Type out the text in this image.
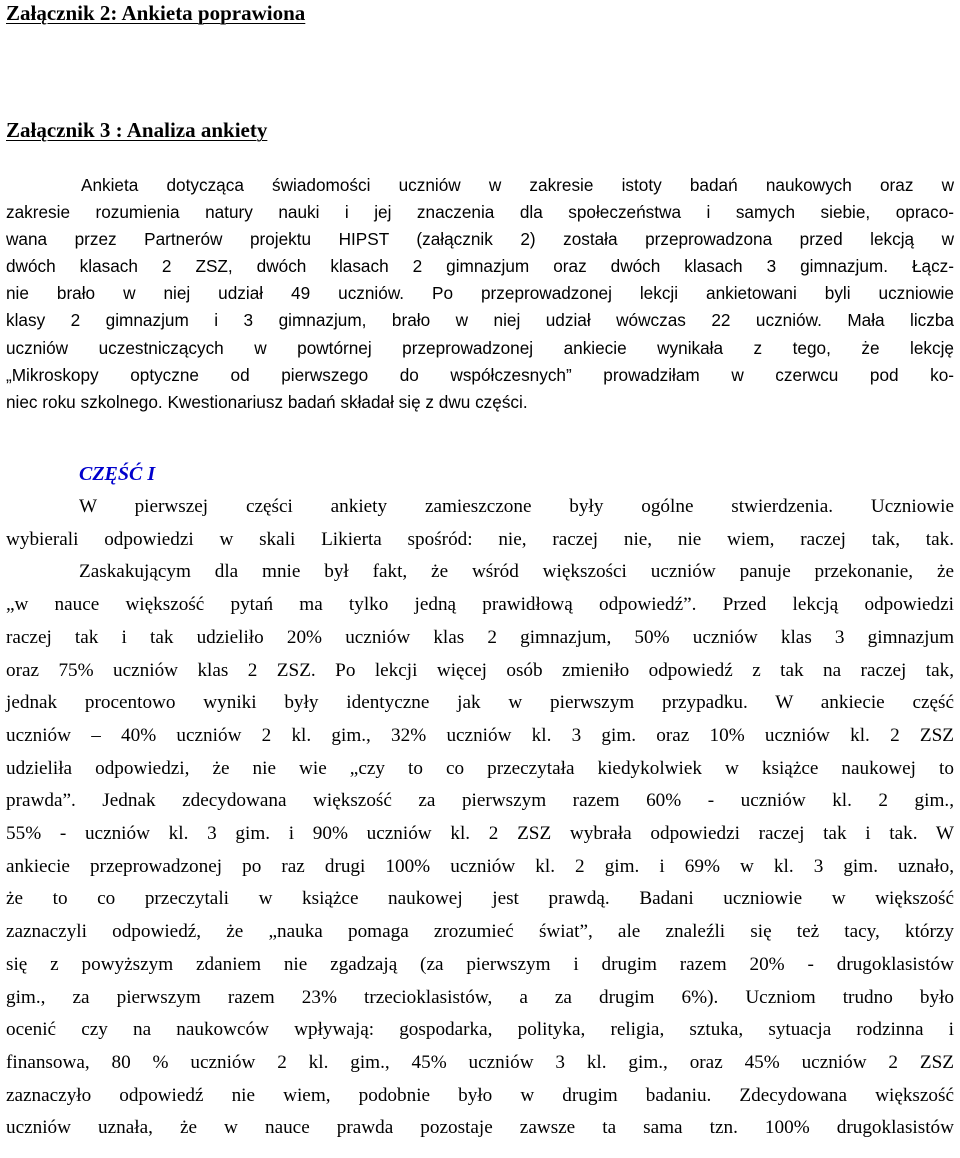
Załącznik 2: Ankieta poprawiona
Załącznik 3 : Analiza ankiety

Ankieta dotycząca świadomości uczniów w zakresie istoty badań naukowych oraz w
zakresie rozumienia natury nauki i jej znaczenia dla społeczeństwa i samych siebie, opraco-
wana przez Partnerów projektu HIPST (załącznik 2) została przeprowadzona przed lekcją w
dwóch klasach 2 ZSZ, dwóch klasach 2 gimnazjum oraz dwóch klasach 3 gimnazjum. Łącz-
nie brało w niej udział 49 uczniów. Po przeprowadzonej lekcji ankietowani byli uczniowie
klasy 2 gimnazjum i 3 gimnazjum, brało w niej udział wówczas 22 uczniów. Mała liczba
uczniów uczestniczących w powtórnej przeprowadzonej ankiecie wynikała z tego, że lekcję
„Mikroskopy optyczne od pierwszego do współczesnych” prowadziłam w czerwcu pod ko-
niec roku szkolnego. Kwestionariusz badań składał się z dwu części.

CZĘŚĆ I

W pierwszej części ankiety zamieszczone były ogólne stwierdzenia. Uczniowie
wybierali odpowiedzi w skali Likierta spośród: nie, raczej nie, nie wiem, raczej tak, tak.
Zaskakującym dla mnie był fakt, że wśród większości uczniów panuje przekonanie, że
„w nauce większość pytań ma tylko jedną prawidłową odpowiedź”. Przed lekcją odpowiedzi
raczej tak i tak udzieliło 20% uczniów klas 2 gimnazjum, 50% uczniów klas 3 gimnazjum
oraz 75% uczniów klas 2 ZSZ. Po lekcji więcej osób zmieniło odpowiedź z tak na raczej tak,
jednak procentowo wyniki były identyczne jak w pierwszym przypadku. W ankiecie część
uczniów – 40% uczniów 2 kl. gim., 32% uczniów kl. 3 gim. oraz 10% uczniów kl. 2 ZSZ
udzieliła odpowiedzi, że nie wie „czy to co przeczytała kiedykolwiek w książce naukowej to
prawda”. Jednak zdecydowana większość za pierwszym razem 60% - uczniów kl. 2 gim.,
55% - uczniów kl. 3 gim. i 90% uczniów kl. 2 ZSZ wybrała odpowiedzi raczej tak i tak. W
ankiecie przeprowadzonej po raz drugi 100% uczniów kl. 2 gim. i 69% w kl. 3 gim. uznało,
że to co przeczytali w książce naukowej jest prawdą. Badani uczniowie w większość
zaznaczyli odpowiedź, że „nauka pomaga zrozumieć świat”, ale znaleźli się też tacy, którzy
się z powyższym zdaniem nie zgadzają (za pierwszym i drugim razem 20% - drugoklasistów
gim., za pierwszym razem 23% trzecioklasistów, a za drugim 6%). Uczniom trudno było
ocenić czy na naukowców wpływają: gospodarka, polityka, religia, sztuka, sytuacja rodzinna i
finansowa, 80 % uczniów 2 kl. gim., 45% uczniów 3 kl. gim., oraz 45% uczniów 2 ZSZ
zaznaczyło odpowiedź nie wiem, podobnie było w drugim badaniu. Zdecydowana większość
uczniów uznała, że w nauce prawda pozostaje zawsze ta sama tzn. 100% drugoklasistów
